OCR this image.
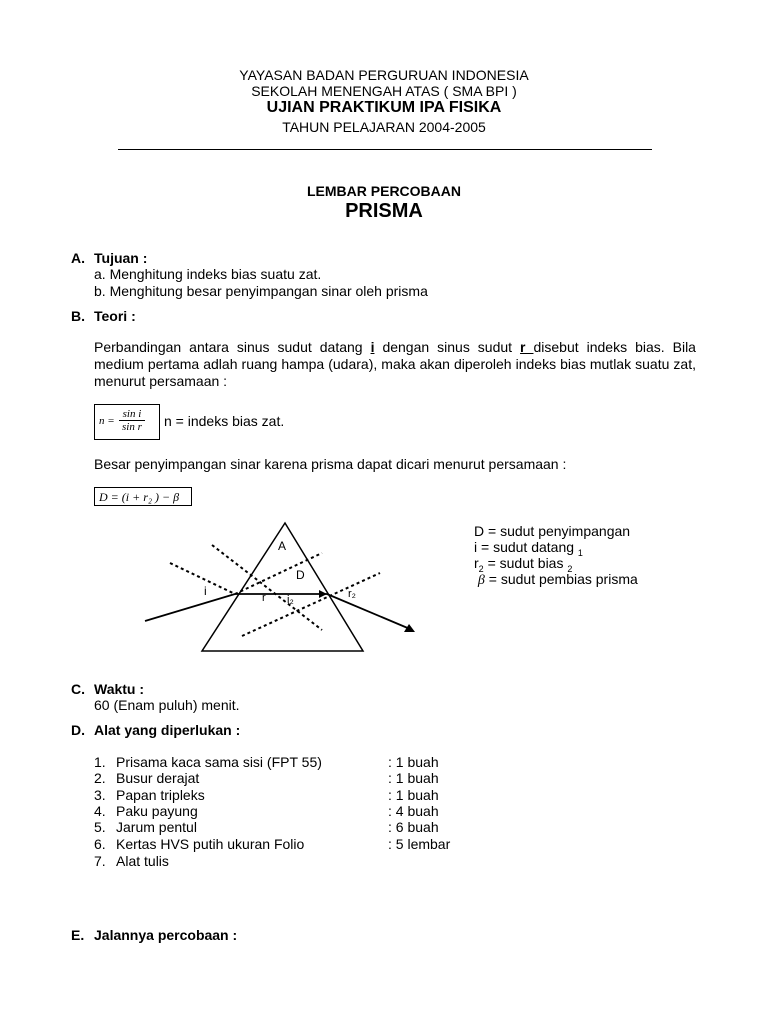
YAYASAN BADAN PERGURUAN INDONESIA
SEKOLAH MENENGAH ATAS ( SMA BPI )
UJIAN PRAKTIKUM IPA FISIKA
TAHUN PELAJARAN 2004-2005
LEMBAR PERCOBAAN
PRISMA
A. Tujuan :
a. Menghitung indeks bias suatu zat.
b. Menghitung besar penyimpangan sinar oleh prisma
B. Teori :
Perbandingan antara sinus sudut datang i dengan sinus sudut r disebut indeks bias. Bila medium pertama adlah ruang hampa (udara), maka akan diperoleh indeks bias mutlak suatu zat, menurut persamaan :
$n = \frac{\text{sin i}}{\text{sin r}}$ n = indeks bias zat.
Besar penyimpangan sinar karena prisma dapat dicari menurut persamaan :
D = (i + r₂ ) − β
A
D
i	r i₂	r₂
D = sudut penyimpangan
i = sudut datang $_1$
$r_2$ = sudut bias $_2$
β = sudut pembias prisma
C. Waktu :
60 (Enam puluh) menit.
D. Alat yang diperlukan :
1. Prisama kaca sama sisi (FPT 55)	: 1 buah
2. Busur derajat	: 1 buah
3. Papan tripleks	: 1 buah
4. Paku payung	: 4 buah
5. Jarum pentul	: 6 buah
6. Kertas HVS putih ukuran Folio	: 5 lembar
7. Alat tulis
E. Jalannya percobaan :
